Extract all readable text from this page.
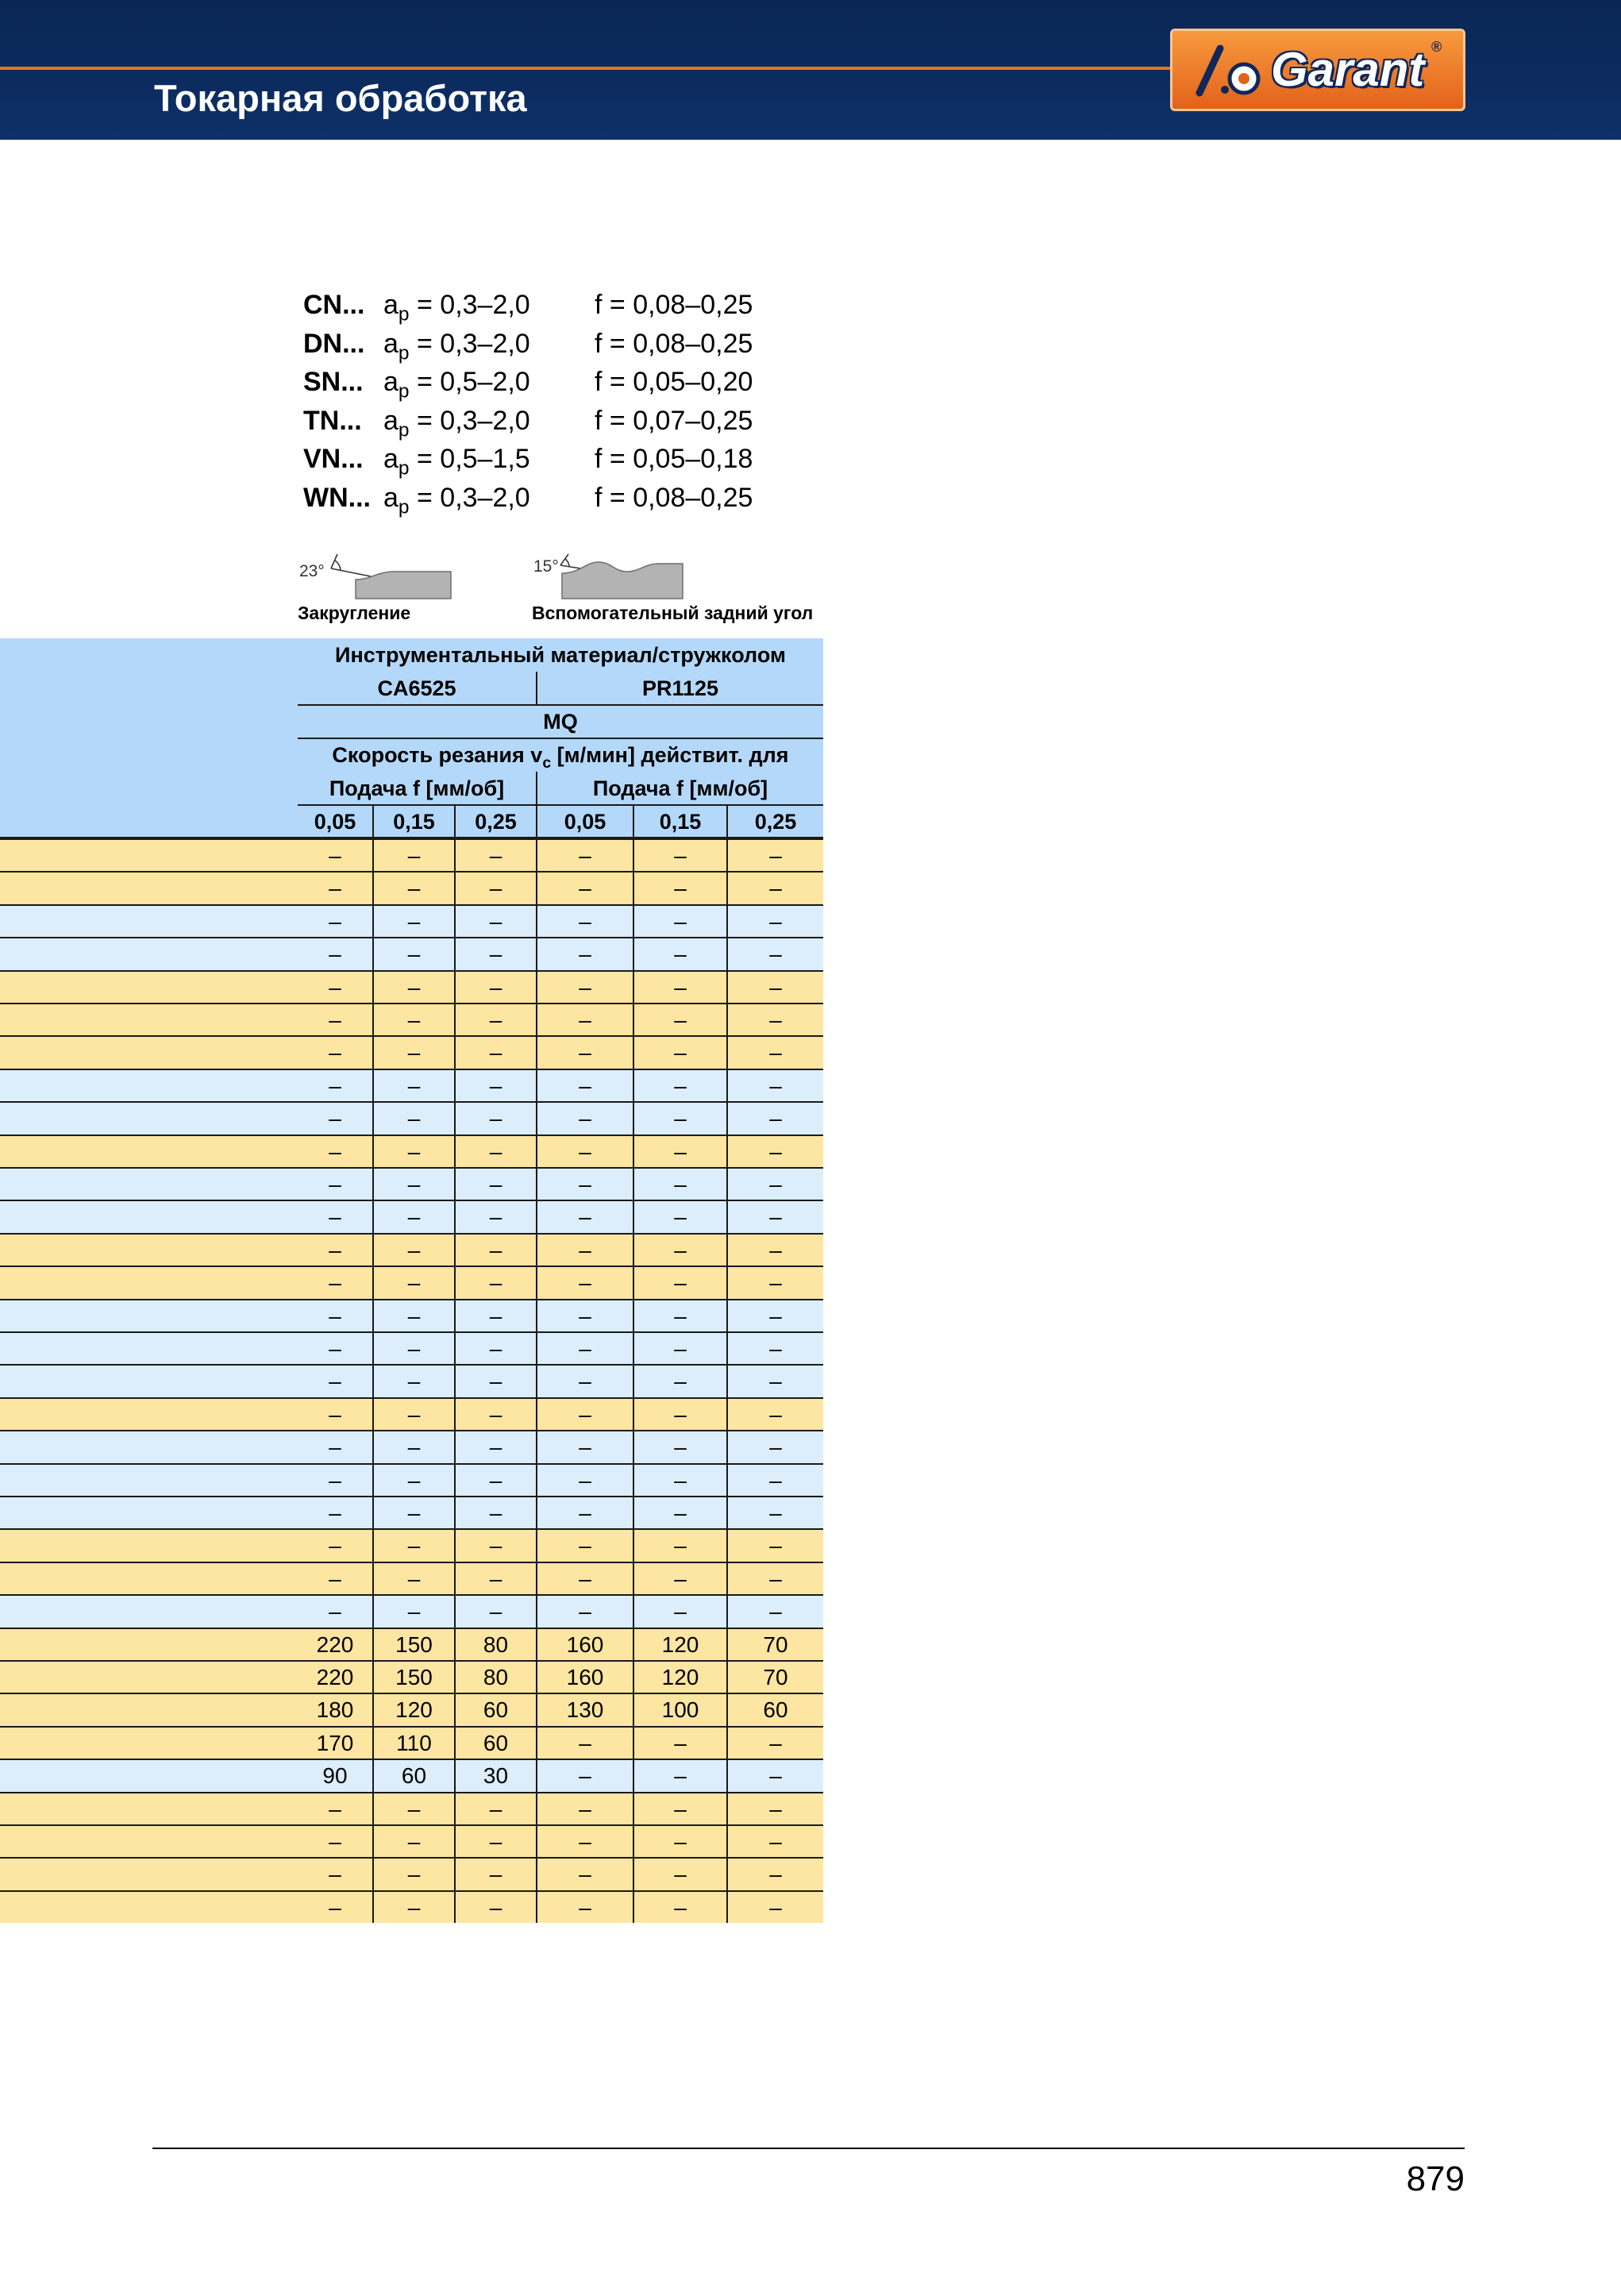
Токарная обработка
Garant ®
CN... $a_p = 0,3-2,0$ f = 0,08–0,25
DN... $a_p = 0,3-2,0$ f = 0,08–0,25
SN... $a_p = 0,5-2,0$ f = 0,05–0,20
TN... $a_p = 0,3-2,0$ f = 0,07–0,25
VN... $a_p = 0,5-1,5$ f = 0,05–0,18
WN... $a_p = 0,3-2,0$ f = 0,08–0,25
23°
Закругление
15°
Вспомогательный задний угол
Инструментальный материал/стружколом
CA6525	PR1125
MQ
Скорость резания $v_c$ [м/мин] действит. для
Подача f [мм/об]	Подача f [мм/об]
0,05	0,15	0,25	0,05	0,15	0,25
–	–	–	–	–	–
–	–	–	–	–	–
–	–	–	–	–	–
–	–	–	–	–	–
–	–	–	–	–	–
–	–	–	–	–	–
–	–	–	–	–	–
–	–	–	–	–	–
–	–	–	–	–	–
–	–	–	–	–	–
–	–	–	–	–	–
–	–	–	–	–	–
–	–	–	–	–	–
–	–	–	–	–	–
–	–	–	–	–	–
–	–	–	–	–	–
–	–	–	–	–	–
–	–	–	–	–	–
–	–	–	–	–	–
–	–	–	–	–	–
–	–	–	–	–	–
–	–	–	–	–	–
–	–	–	–	–	–
–	–	–	–	–	–
220	150	80	160	120	70
220	150	80	160	120	70
180	120	60	130	100	60
170	110	60	–	–	–
90	60	30	–	–	–
–	–	–	–	–	–
–	–	–	–	–	–
–	–	–	–	–	–
–	–	–	–	–	–
879
